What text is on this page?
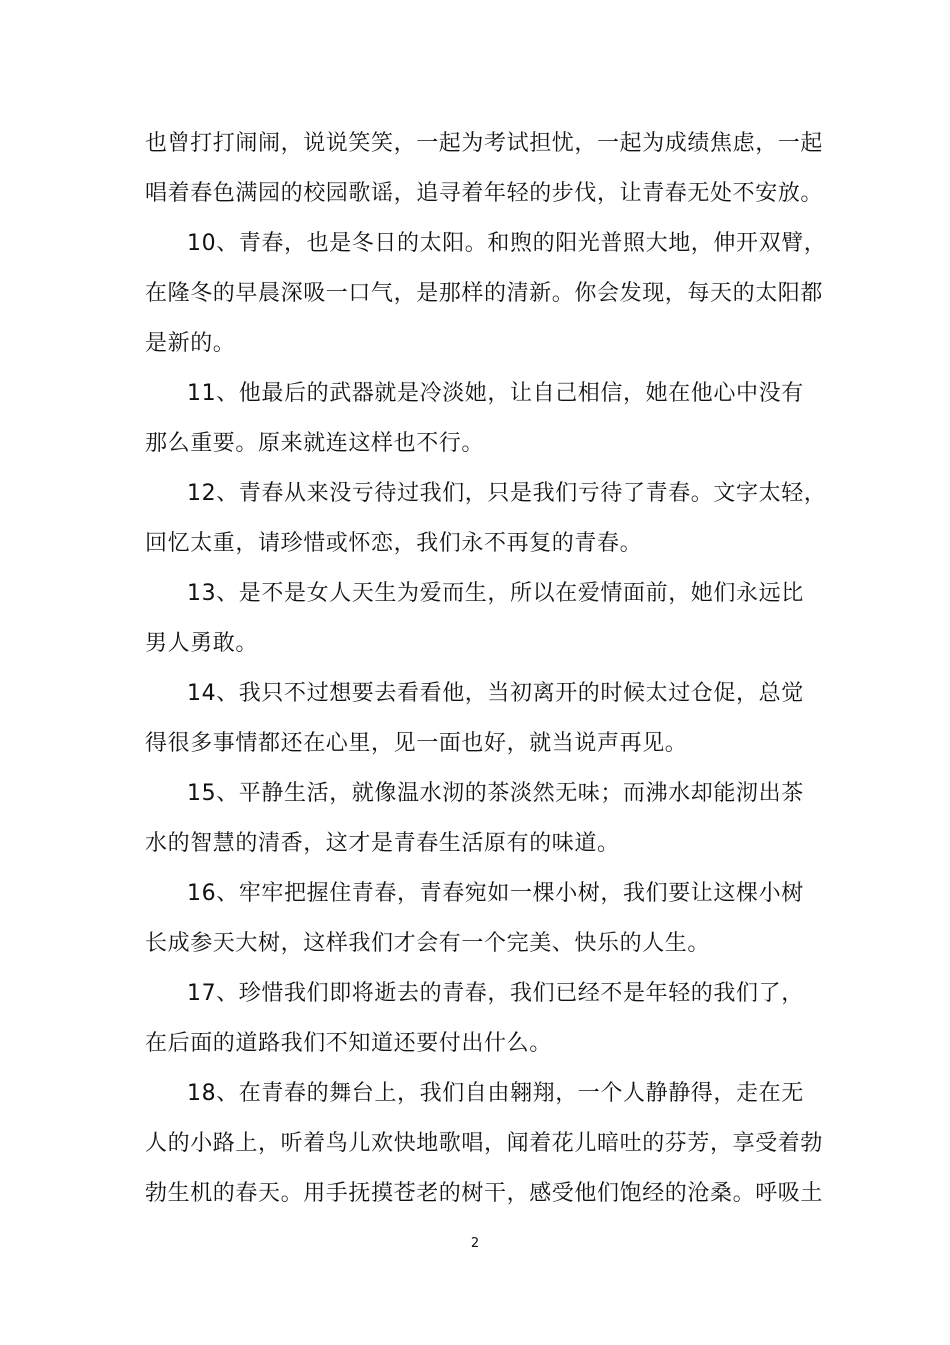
也曾打打闹闹，说说笑笑，一起为考试担忧，一起为成绩焦虑，一起
唱着春色满园的校园歌谣，追寻着年轻的步伐，让青春无处不安放。
10、青春，也是冬日的太阳。和煦的阳光普照大地，伸开双臂，
在隆冬的早晨深吸一口气，是那样的清新。你会发现，每天的太阳都
是新的。
11、他最后的武器就是冷淡她，让自己相信，她在他心中没有
那么重要。原来就连这样也不行。
12、青春从来没亏待过我们，只是我们亏待了青春。文字太轻，
回忆太重，请珍惜或怀恋，我们永不再复的青春。
13、是不是女人天生为爱而生，所以在爱情面前，她们永远比
男人勇敢。
14、我只不过想要去看看他，当初离开的时候太过仓促，总觉
得很多事情都还在心里，见一面也好，就当说声再见。
15、平静生活，就像温水沏的茶淡然无味；而沸水却能沏出茶
水的智慧的清香，这才是青春生活原有的味道。
16、牢牢把握住青春，青春宛如一棵小树，我们要让这棵小树
长成参天大树，这样我们才会有一个完美、快乐的人生。
17、珍惜我们即将逝去的青春，我们已经不是年轻的我们了，
在后面的道路我们不知道还要付出什么。
18、在青春的舞台上，我们自由翱翔，一个人静静得，走在无
人的小路上，听着鸟儿欢快地歌唱，闻着花儿暗吐的芬芳，享受着勃
勃生机的春天。用手抚摸苍老的树干，感受他们饱经的沧桑。呼吸土
2
